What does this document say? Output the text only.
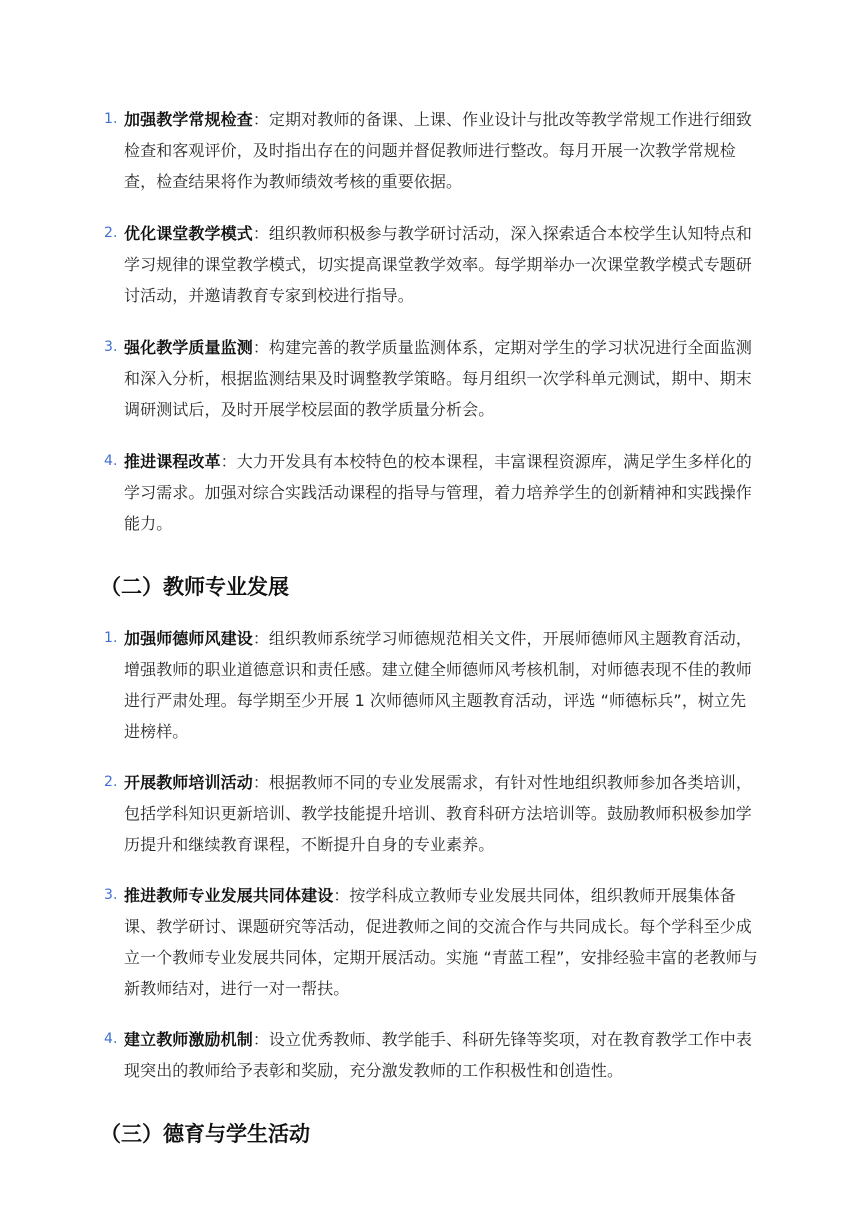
1. 加强教学常规检查：定期对教师的备课、上课、作业设计与批改等教学常规工作进行细致检查和客观评价，及时指出存在的问题并督促教师进行整改。每月开展一次教学常规检查，检查结果将作为教师绩效考核的重要依据。
2. 优化课堂教学模式：组织教师积极参与教学研讨活动，深入探索适合本校学生认知特点和学习规律的课堂教学模式，切实提高课堂教学效率。每学期举办一次课堂教学模式专题研讨活动，并邀请教育专家到校进行指导。
3. 强化教学质量监测：构建完善的教学质量监测体系，定期对学生的学习状况进行全面监测和深入分析，根据监测结果及时调整教学策略。每月组织一次学科单元测试，期中、期末调研测试后，及时开展学校层面的教学质量分析会。
4. 推进课程改革：大力开发具有本校特色的校本课程，丰富课程资源库，满足学生多样化的学习需求。加强对综合实践活动课程的指导与管理，着力培养学生的创新精神和实践操作能力。
（二）教师专业发展
1. 加强师德师风建设：组织教师系统学习师德规范相关文件，开展师德师风主题教育活动，增强教师的职业道德意识和责任感。建立健全师德师风考核机制，对师德表现不佳的教师进行严肃处理。每学期至少开展 1 次师德师风主题教育活动，评选 “师德标兵”，树立先进榜样。
2. 开展教师培训活动：根据教师不同的专业发展需求，有针对性地组织教师参加各类培训，包括学科知识更新培训、教学技能提升培训、教育科研方法培训等。鼓励教师积极参加学历提升和继续教育课程，不断提升自身的专业素养。
3. 推进教师专业发展共同体建设：按学科成立教师专业发展共同体，组织教师开展集体备课、教学研讨、课题研究等活动，促进教师之间的交流合作与共同成长。每个学科至少成立一个教师专业发展共同体，定期开展活动。实施 “青蓝工程”，安排经验丰富的老教师与新教师结对，进行一对一帮扶。
4. 建立教师激励机制：设立优秀教师、教学能手、科研先锋等奖项，对在教育教学工作中表现突出的教师给予表彰和奖励，充分激发教师的工作积极性和创造性。
（三）德育与学生活动
